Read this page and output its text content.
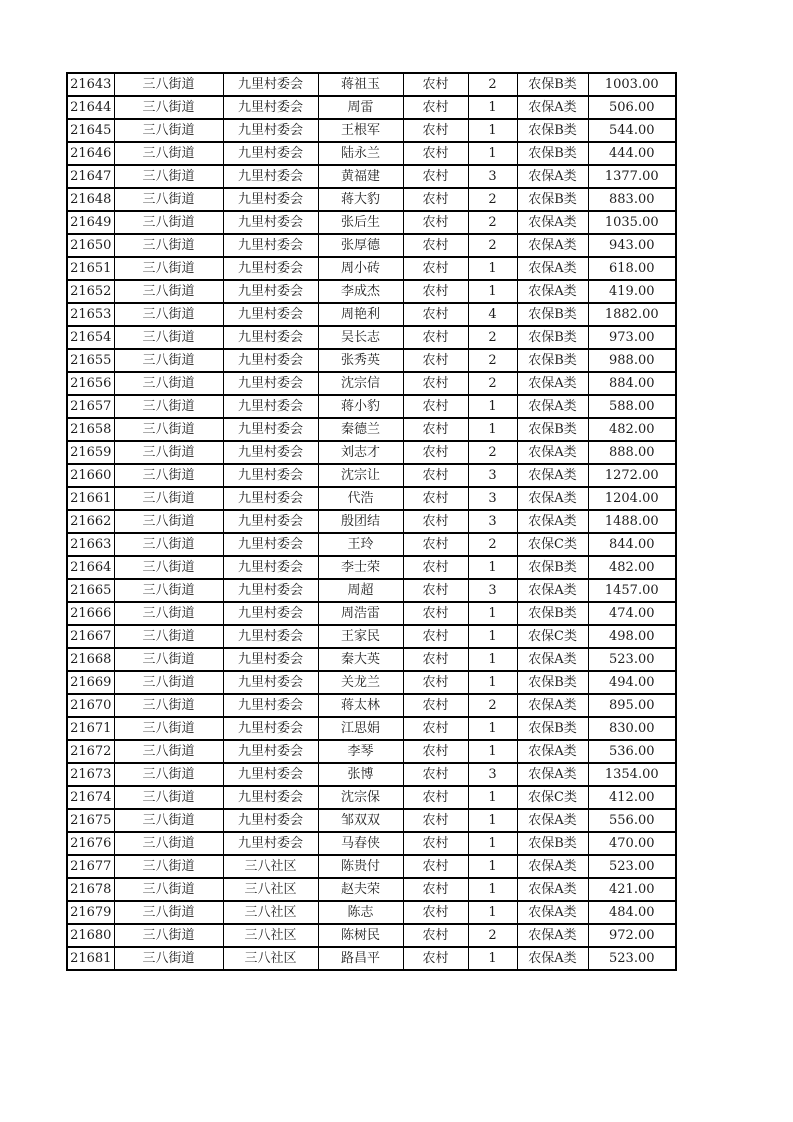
21643	三八街道	九里村委会	蒋祖玉	农村	2	农保B类	1003.00
21644	三八街道	九里村委会	周雷	农村	1	农保A类	506.00
21645	三八街道	九里村委会	王根军	农村	1	农保B类	544.00
21646	三八街道	九里村委会	陆永兰	农村	1	农保B类	444.00
21647	三八街道	九里村委会	黄福建	农村	3	农保A类	1377.00
21648	三八街道	九里村委会	蒋大豹	农村	2	农保B类	883.00
21649	三八街道	九里村委会	张后生	农村	2	农保A类	1035.00
21650	三八街道	九里村委会	张厚德	农村	2	农保A类	943.00
21651	三八街道	九里村委会	周小砖	农村	1	农保A类	618.00
21652	三八街道	九里村委会	李成杰	农村	1	农保A类	419.00
21653	三八街道	九里村委会	周艳利	农村	4	农保B类	1882.00
21654	三八街道	九里村委会	吴长志	农村	2	农保B类	973.00
21655	三八街道	九里村委会	张秀英	农村	2	农保B类	988.00
21656	三八街道	九里村委会	沈宗信	农村	2	农保A类	884.00
21657	三八街道	九里村委会	蒋小豹	农村	1	农保A类	588.00
21658	三八街道	九里村委会	秦德兰	农村	1	农保B类	482.00
21659	三八街道	九里村委会	刘志才	农村	2	农保A类	888.00
21660	三八街道	九里村委会	沈宗让	农村	3	农保A类	1272.00
21661	三八街道	九里村委会	代浩	农村	3	农保A类	1204.00
21662	三八街道	九里村委会	殷团结	农村	3	农保A类	1488.00
21663	三八街道	九里村委会	王玲	农村	2	农保C类	844.00
21664	三八街道	九里村委会	李士荣	农村	1	农保B类	482.00
21665	三八街道	九里村委会	周超	农村	3	农保A类	1457.00
21666	三八街道	九里村委会	周浩雷	农村	1	农保B类	474.00
21667	三八街道	九里村委会	王家民	农村	1	农保C类	498.00
21668	三八街道	九里村委会	秦大英	农村	1	农保A类	523.00
21669	三八街道	九里村委会	关龙兰	农村	1	农保B类	494.00
21670	三八街道	九里村委会	蒋太林	农村	2	农保A类	895.00
21671	三八街道	九里村委会	江思娟	农村	1	农保B类	830.00
21672	三八街道	九里村委会	李琴	农村	1	农保A类	536.00
21673	三八街道	九里村委会	张博	农村	3	农保A类	1354.00
21674	三八街道	九里村委会	沈宗保	农村	1	农保C类	412.00
21675	三八街道	九里村委会	邹双双	农村	1	农保A类	556.00
21676	三八街道	九里村委会	马春侠	农村	1	农保B类	470.00
21677	三八街道	三八社区	陈贵付	农村	1	农保A类	523.00
21678	三八街道	三八社区	赵夫荣	农村	1	农保A类	421.00
21679	三八街道	三八社区	陈志	农村	1	农保A类	484.00
21680	三八街道	三八社区	陈树民	农村	2	农保A类	972.00
21681	三八街道	三八社区	路昌平	农村	1	农保A类	523.00
